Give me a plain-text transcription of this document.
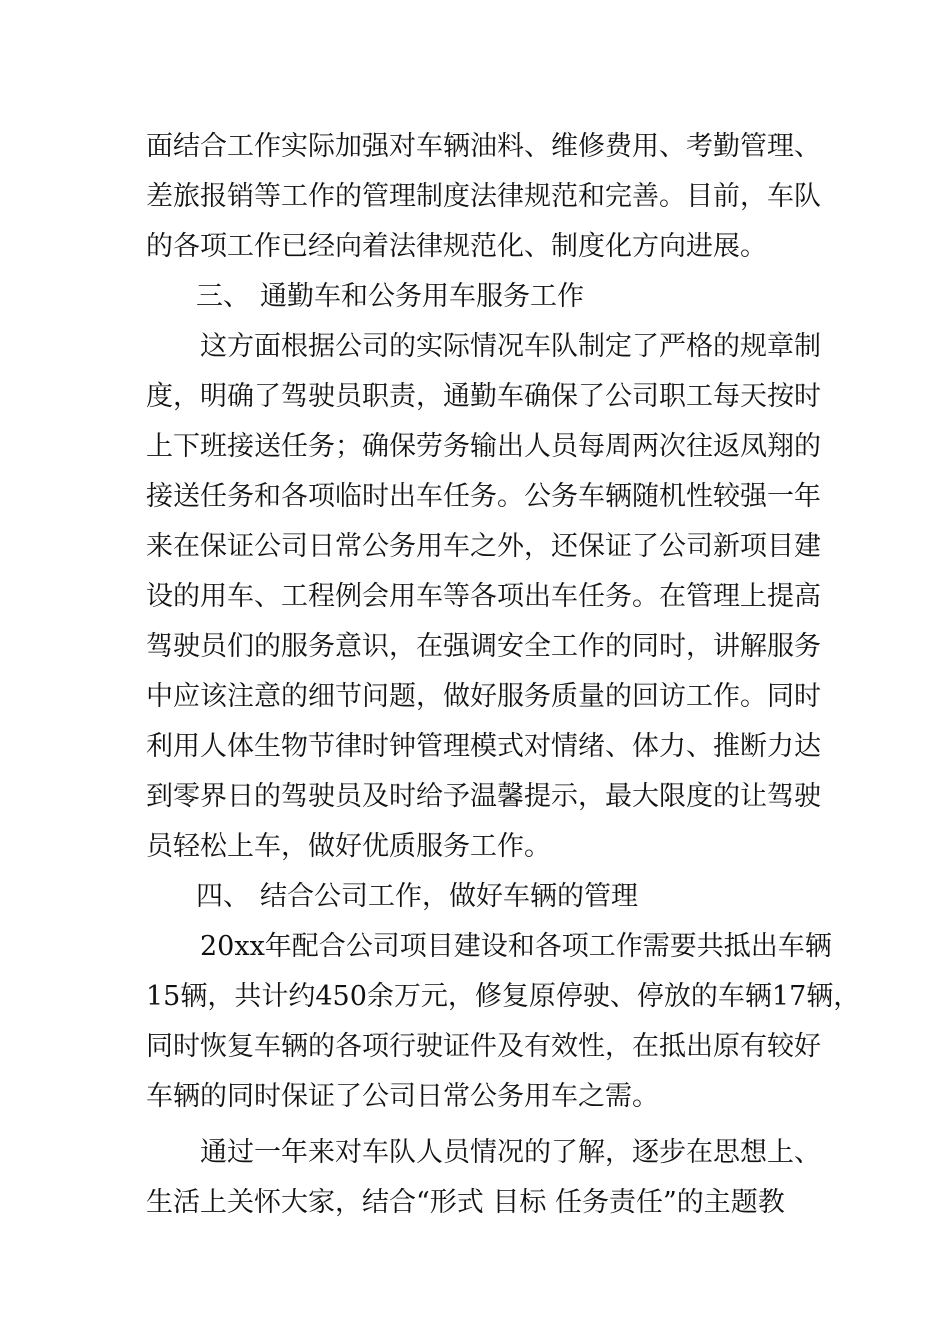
面结合工作实际加强对车辆油料、维修费用、考勤管理、
差旅报销等工作的管理制度法律规范和完善。目前，车队
的各项工作已经向着法律规范化、制度化方向进展。
三、 通勤车和公务用车服务工作
这方面根据公司的实际情况车队制定了严格的规章制
度，明确了驾驶员职责，通勤车确保了公司职工每天按时
上下班接送任务；确保劳务输出人员每周两次往返凤翔的
接送任务和各项临时出车任务。公务车辆随机性较强一年
来在保证公司日常公务用车之外，还保证了公司新项目建
设的用车、工程例会用车等各项出车任务。在管理上提高
驾驶员们的服务意识，在强调安全工作的同时，讲解服务
中应该注意的细节问题，做好服务质量的回访工作。同时
利用人体生物节律时钟管理模式对情绪、体力、推断力达
到零界日的驾驶员及时给予温馨提示，最大限度的让驾驶
员轻松上车，做好优质服务工作。
四、 结合公司工作，做好车辆的管理
20xx年配合公司项目建设和各项工作需要共抵出车辆
15辆，共计约450余万元，修复原停驶、停放的车辆17辆，
同时恢复车辆的各项行驶证件及有效性，在抵出原有较好
车辆的同时保证了公司日常公务用车之需。
通过一年来对车队人员情况的了解，逐步在思想上、
生活上关怀大家，结合“形式 目标 任务责任”的主题教
